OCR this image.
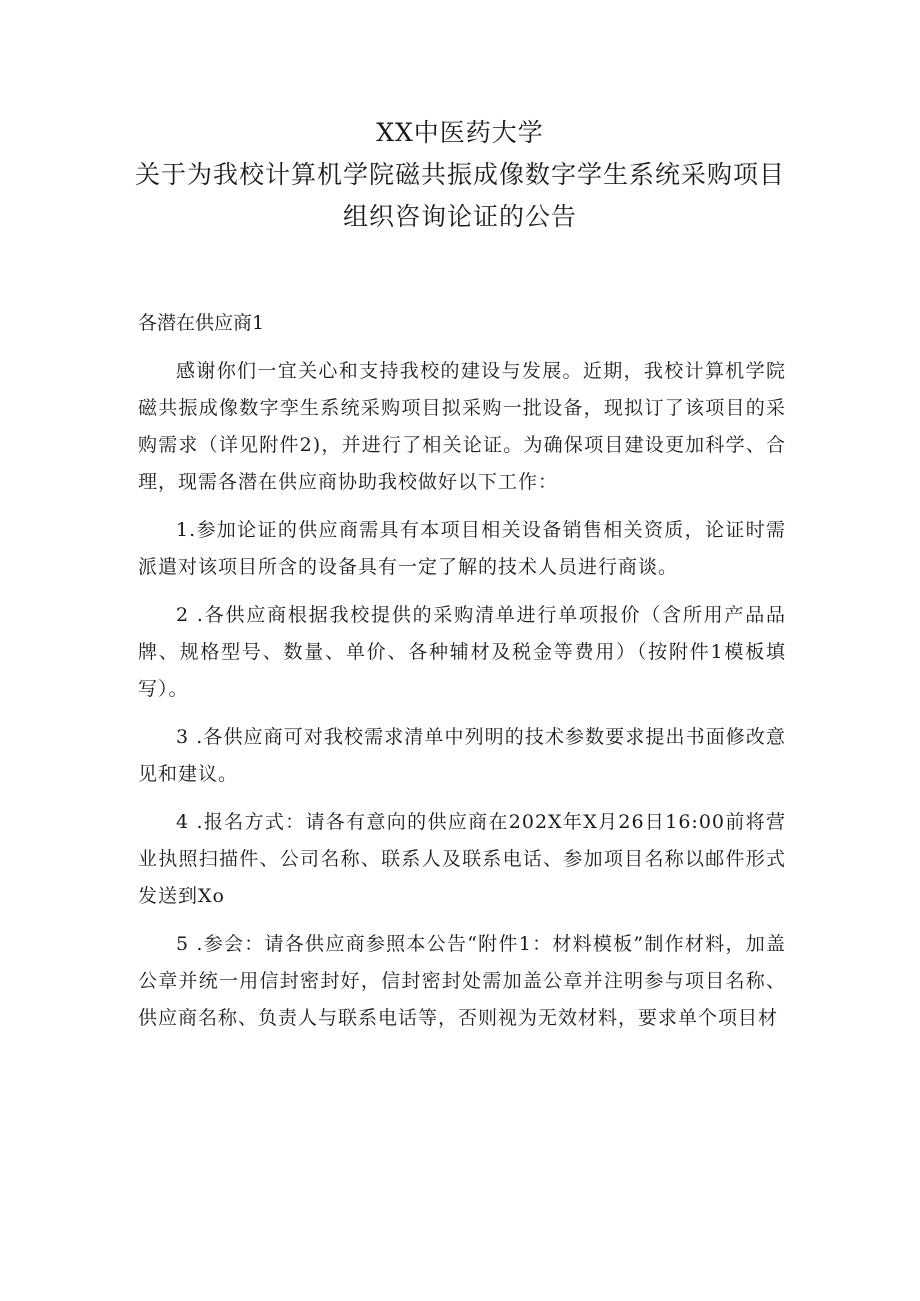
XX中医药大学
关于为我校计算机学院磁共振成像数字学生系统采购项目
组织咨询论证的公告

各潜在供应商1

感谢你们一宜关心和支持我校的建设与发展。近期，我校计算机学院磁共振成像数字孪生系统采购项目拟采购一批设备，现拟订了该项目的采购需求（详见附件2)，并进行了相关论证。为确保项目建设更加科学、合理，现需各潜在供应商协助我校做好以下工作：

1.参加论证的供应商需具有本项目相关设备销售相关资质，论证时需派遣对该项目所含的设备具有一定了解的技术人员进行商谈。

2 .各供应商根据我校提供的采购清单进行单项报价（含所用产品品牌、规格型号、数量、单价、各种辅材及税金等费用）（按附件1模板填写）。

3 .各供应商可对我校需求清单中列明的技术参数要求提出书面修改意见和建议。

4 .报名方式：请各有意向的供应商在202X年X月26日16:00前将营业执照扫描件、公司名称、联系人及联系电话、参加项目名称以邮件形式发送到Xo

5 .参会：请各供应商参照本公告“附件1：材料模板”制作材料，加盖公章并统一用信封密封好，信封密封处需加盖公章并注明参与项目名称、供应商名称、负责人与联系电话等，否则视为无效材料，要求单个项目材
